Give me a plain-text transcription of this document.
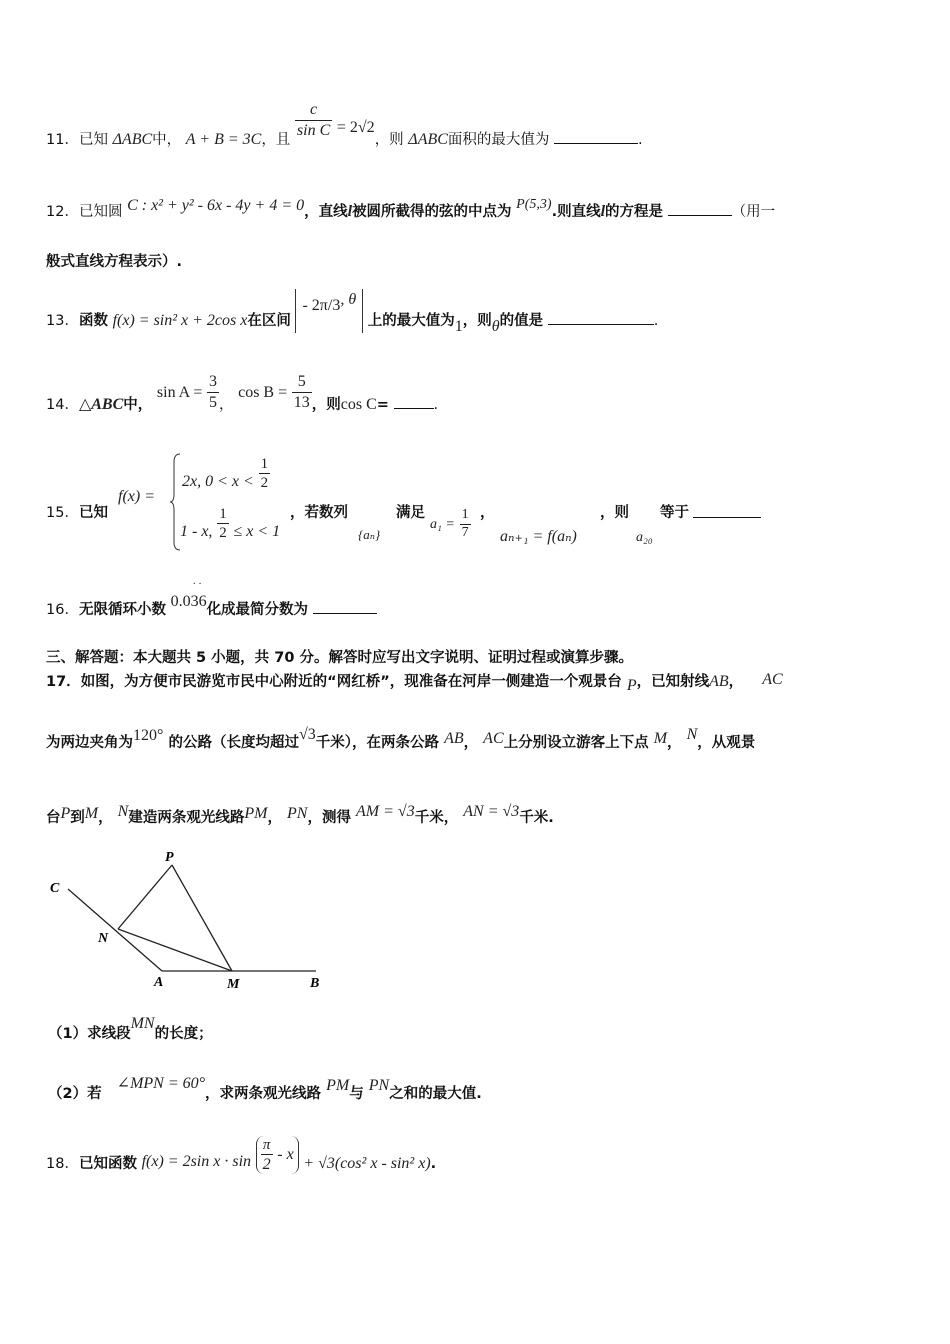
11．已知 ΔABC中， A + B = 3C，且
$\frac{c}{\text{sin C}} = 2√2$，则 ΔABC面积的最大值为	.
12．已知圆 C : x² + y² - 6x - 4y + 4 = 0，直线l被圆所截得的弦的中点为 P(5,3).则直线l的方程是	（用一
般式直线方程表示）.
13．函数 f(x) = sin² x + 2cos x在区间 - 2π/3, θ 上的最大值为1，则θ的值是	.
14．△ABC中， $\sin A = \frac{3}{5}$ ， $\cos B = \frac{5}{13}$ ，则cos C=	.
15．已知
f(x) =
2x, $0 < x < \frac{1}{2}$
1 - x, $\frac{1}{2} \le x < 1$
，若数列
{aₙ}
满足
$a_1 = \frac{1}{7}$ ，
aₙ₊₁ = f(aₙ)
，则
a₂₀
等于
16．无限循环小数 0.036
· ·
化成最简分数为
三、解答题：本大题共 5 小题，共 70 分。解答时应写出文字说明、证明过程或演算步骤。
17．如图，为方便市民游览市民中心附近的“网红桥”，现准备在河岸一侧建造一个观景台 P，已知射线AB， AC
为两边夹角为120° 的公路（长度均超过√3千米），在两条公路 AB， AC上分别设立游客上下点 M， N，从观景
台P到M， N建造两条观光线路PM， PN，测得 AM = √3千米， AN = √3千米.
C
P
N
A	M	B
（1）求线段MN的长度；
（2）若 ∠MPN = 60°，求两条观光线路 PM与 PN之和的最大值.
18．已知函数 f(x) = 2sin $x \cdot \sin \frac{\pi}{2} - x + √3(\cos^2$ x - sin² x).
